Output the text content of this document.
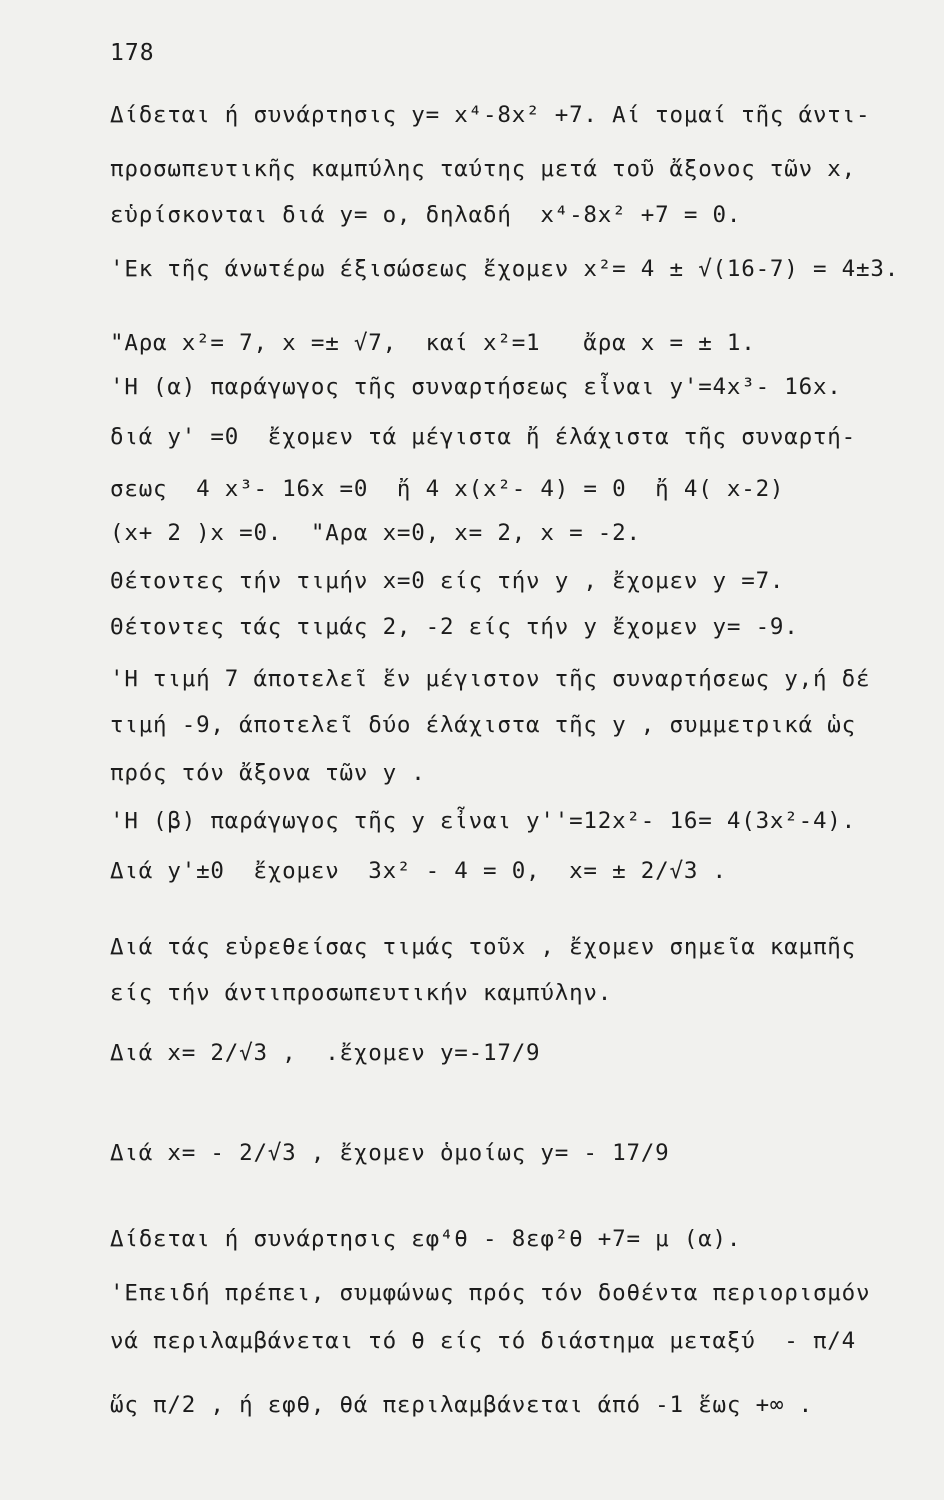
178
Δίδεται ή συνάρτησις y= x⁴-8x² +7. Αί τομαί τῆς άντι-
προσωπευτικῆς καμπύλης ταύτης μετά τοῦ ἄξονος τῶν x,
εὑρίσκονται διά y= o, δηλαδή  x⁴-8x² +7 = 0.
'Εκ τῆς άνωτέρω έξισώσεως ἔχομεν x²= 4 ± √(16-7) = 4±3.
"Αρα x²= 7, x =± √7,  καί x²=1   ἄρα x = ± 1.
'Η (α) παράγωγος τῆς συναρτήσεως εἶναι y'=4x³- 16x.
διά y' =0  ἔχομεν τά μέγιστα ἤ έλάχιστα τῆς συναρτή-
σεως  4 x³- 16x =0  ἤ 4 x(x²- 4) = 0  ἤ 4( x-2)
(x+ 2 )x =0.  "Αρα x=0, x= 2, x = -2.
Θέτοντες τήν τιμήν x=0 είς τήν y , ἔχομεν y =7.
Θέτοντες τάς τιμάς 2, -2 είς τήν y ἔχομεν y= -9.
'Η τιμή 7 άποτελεῖ ἕν μέγιστον τῆς συναρτήσεως y,ή δέ
τιμή -9, άποτελεῖ δύο έλάχιστα τῆς y , συμμετρικά ὡς
πρός τόν ἄξονα τῶν y .
'Η (β) παράγωγος τῆς y εἶναι y''=12x²- 16= 4(3x²-4).
Διά y'±0  ἔχομεν  3x² - 4 = 0,  x= ± 2/√3 .
Διά τάς εὑρεθείσας τιμάς τοῦx , ἔχομεν σημεῖα καμπῆς
είς τήν άντιπροσωπευτικήν καμπύλην.
Διά x= 2/√3 ,  .ἔχομεν y=-17/9
Διά x= - 2/√3 , ἔχομεν ὁμοίως y= - 17/9
Δίδεται ή συνάρτησις εφ⁴θ - 8εφ²θ +7= μ (α).
'Επειδή πρέπει, συμφώνως πρός τόν δοθέντα περιορισμόν
νά περιλαμβάνεται τό θ είς τό διάστημα μεταξύ  - π/4
ὥς π/2 , ή εφθ, θά περιλαμβάνεται άπό -1 ἕως +∞ .
